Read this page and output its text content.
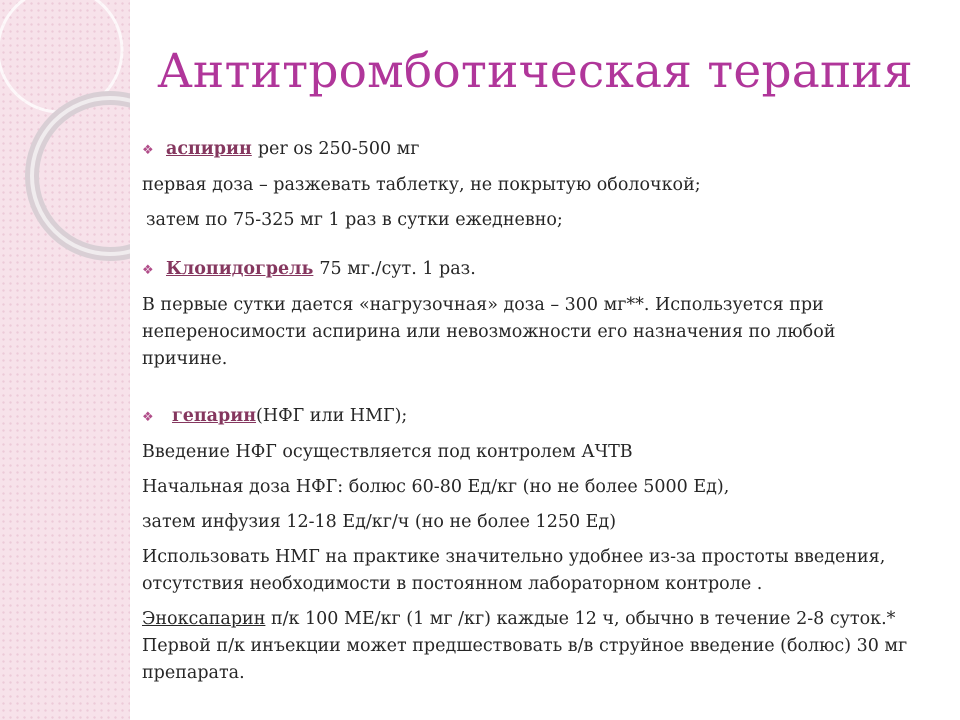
Антитромботическая терапия
❖ аспирин per os 250-500 мг
первая доза – разжевать таблетку, не покрытую оболочкой;
затем по 75-325 мг 1 раз в сутки ежедневно;
❖ Клопидогрель 75 мг./сут. 1 раз.
В первые сутки дается «нагрузочная» доза – 300 мг**. Используется при непереносимости аспирина или невозможности его назначения по любой причине.
❖	гепарин(НФГ или НМГ);
Введение НФГ осуществляется под контролем АЧТВ
Начальная доза НФГ: болюс 60-80 Ед/кг (но не более 5000 Ед),
затем инфузия 12-18 Ед/кг/ч (но не более 1250 Ед)
Использовать НМГ на практике значительно удобнее из-за простоты введения, отсутствия необходимости в постоянном лабораторном контроле .
Эноксапарин п/к 100 МЕ/кг (1 мг /кг) каждые 12 ч, обычно в течение 2-8 суток.* Первой п/к инъекции может предшествовать в/в струйное введение (болюс) 30 мг препарата.
